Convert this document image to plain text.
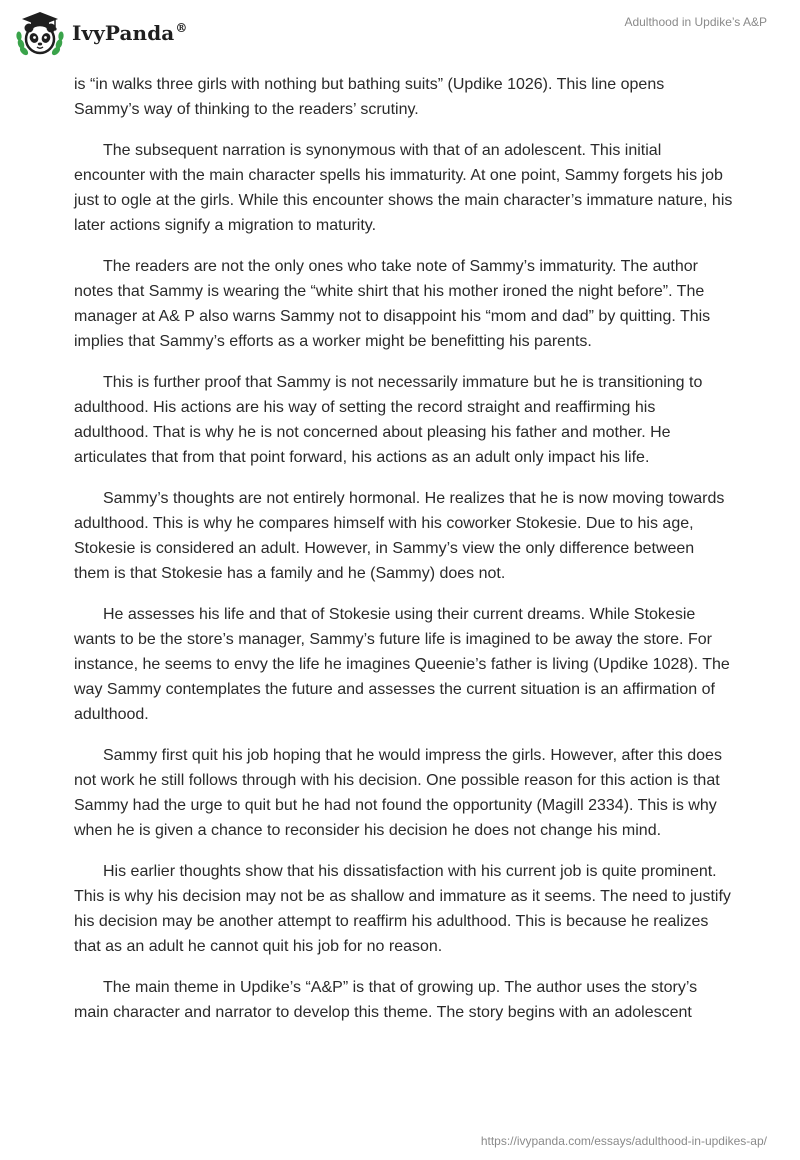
IvyPanda®	Adulthood in Updike’s A&P

is “in walks three girls with nothing but bathing suits” (Updike 1026). This line opens Sammy’s way of thinking to the readers’ scrutiny.

The subsequent narration is synonymous with that of an adolescent. This initial encounter with the main character spells his immaturity. At one point, Sammy forgets his job just to ogle at the girls. While this encounter shows the main character’s immature nature, his later actions signify a migration to maturity.

The readers are not the only ones who take note of Sammy’s immaturity. The author notes that Sammy is wearing the “white shirt that his mother ironed the night before”. The manager at A& P also warns Sammy not to disappoint his “mom and dad” by quitting. This implies that Sammy’s efforts as a worker might be benefitting his parents.

This is further proof that Sammy is not necessarily immature but he is transitioning to adulthood. His actions are his way of setting the record straight and reaffirming his adulthood. That is why he is not concerned about pleasing his father and mother. He articulates that from that point forward, his actions as an adult only impact his life.

Sammy’s thoughts are not entirely hormonal. He realizes that he is now moving towards adulthood. This is why he compares himself with his coworker Stokesie. Due to his age, Stokesie is considered an adult. However, in Sammy’s view the only difference between them is that Stokesie has a family and he (Sammy) does not.

He assesses his life and that of Stokesie using their current dreams. While Stokesie wants to be the store’s manager, Sammy’s future life is imagined to be away the store. For instance, he seems to envy the life he imagines Queenie’s father is living (Updike 1028). The way Sammy contemplates the future and assesses the current situation is an affirmation of adulthood.

Sammy first quit his job hoping that he would impress the girls. However, after this does not work he still follows through with his decision. One possible reason for this action is that Sammy had the urge to quit but he had not found the opportunity (Magill 2334). This is why when he is given a chance to reconsider his decision he does not change his mind.

His earlier thoughts show that his dissatisfaction with his current job is quite prominent. This is why his decision may not be as shallow and immature as it seems. The need to justify his decision may be another attempt to reaffirm his adulthood. This is because he realizes that as an adult he cannot quit his job for no reason.

The main theme in Updike’s “A&P” is that of growing up. The author uses the story’s main character and narrator to develop this theme. The story begins with an adolescent

https://ivypanda.com/essays/adulthood-in-updikes-ap/
